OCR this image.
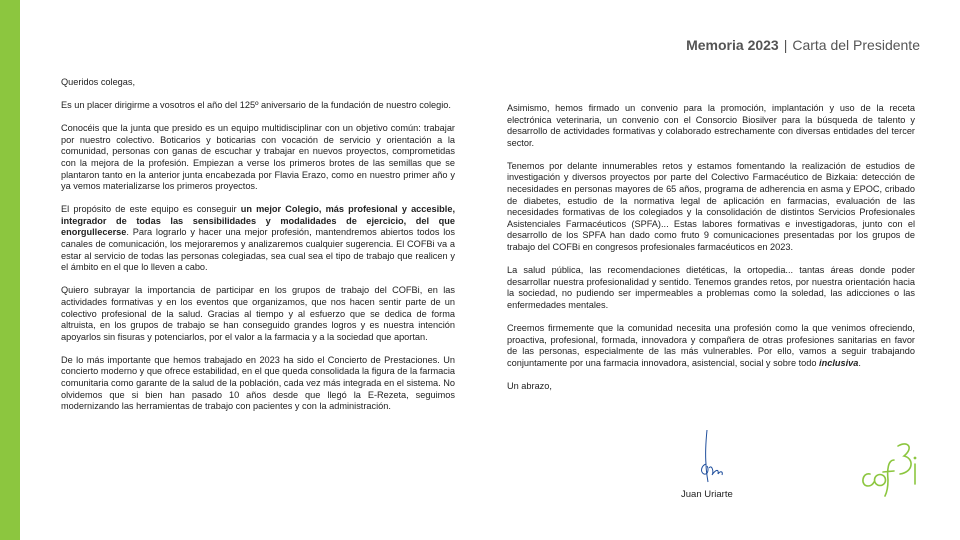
Memoria 2023 | Carta del Presidente

Queridos colegas,

Es un placer dirigirme a vosotros el año del 125º aniversario de la fundación de nuestro colegio.

Conocéis que la junta que presido es un equipo multidisciplinar con un objetivo común: trabajar por nuestro colectivo. Boticarios y boticarias con vocación de servicio y orientación a la comunidad, personas con ganas de escuchar y trabajar en nuevos proyectos, comprometidas con la mejora de la profesión. Empiezan a verse los primeros brotes de las semillas que se plantaron tanto en la anterior junta encabezada por Flavia Erazo, como en nuestro primer año y ya vemos materializarse los primeros proyectos.

El propósito de este equipo es conseguir un mejor Colegio, más profesional y accesible, integrador de todas las sensibilidades y modalidades de ejercicio, del que enorgullecerse. Para lograrlo y hacer una mejor profesión, mantendremos abiertos todos los canales de comunicación, los mejoraremos y analizaremos cualquier sugerencia. El COFBi va a estar al servicio de todas las personas colegiadas, sea cual sea el tipo de trabajo que realicen y el ámbito en el que lo lleven a cabo.

Quiero subrayar la importancia de participar en los grupos de trabajo del COFBi, en las actividades formativas y en los eventos que organizamos, que nos hacen sentir parte de un colectivo profesional de la salud. Gracias al tiempo y al esfuerzo que se dedica de forma altruista, en los grupos de trabajo se han conseguido grandes logros y es nuestra intención apoyarlos sin fisuras y potenciarlos, por el valor a la farmacia y a la sociedad que aportan.

De lo más importante que hemos trabajado en 2023 ha sido el Concierto de Prestaciones. Un concierto moderno y que ofrece estabilidad, en el que queda consolidada la figura de la farmacia comunitaria como garante de la salud de la población, cada vez más integrada en el sistema. No olvidemos que si bien han pasado 10 años desde que llegó la E-Rezeta, seguimos modernizando las herramientas de trabajo con pacientes y con la administración.

Asimismo, hemos firmado un convenio para la promoción, implantación y uso de la receta electrónica veterinaria, un convenio con el Consorcio Biosilver para la búsqueda de talento y desarrollo de actividades formativas y colaborado estrechamente con diversas entidades del tercer sector.

Tenemos por delante innumerables retos y estamos fomentando la realización de estudios de investigación y diversos proyectos por parte del Colectivo Farmacéutico de Bizkaia: detección de necesidades en personas mayores de 65 años, programa de adherencia en asma y EPOC, cribado de diabetes, estudio de la normativa legal de aplicación en farmacias, evaluación de las necesidades formativas de los colegiados y la consolidación de distintos Servicios Profesionales Asistenciales Farmacéuticos (SPFA)... Estas labores formativas e investigadoras, junto con el desarrollo de los SPFA han dado como fruto 9 comunicaciones presentadas por los grupos de trabajo del COFBi en congresos profesionales farmacéuticos en 2023.

La salud pública, las recomendaciones dietéticas, la ortopedia... tantas áreas donde poder desarrollar nuestra profesionalidad y sentido. Tenemos grandes retos, por nuestra orientación hacia la sociedad, no pudiendo ser impermeables a problemas como la soledad, las adicciones o las enfermedades mentales.

Creemos firmemente que la comunidad necesita una profesión como la que venimos ofreciendo, proactiva, profesional, formada, innovadora y compañera de otras profesiones sanitarias en favor de las personas, especialmente de las más vulnerables. Por ello, vamos a seguir trabajando conjuntamente por una farmacia innovadora, asistencial, social y sobre todo inclusiva.

Un abrazo,

Juan Uriarte
